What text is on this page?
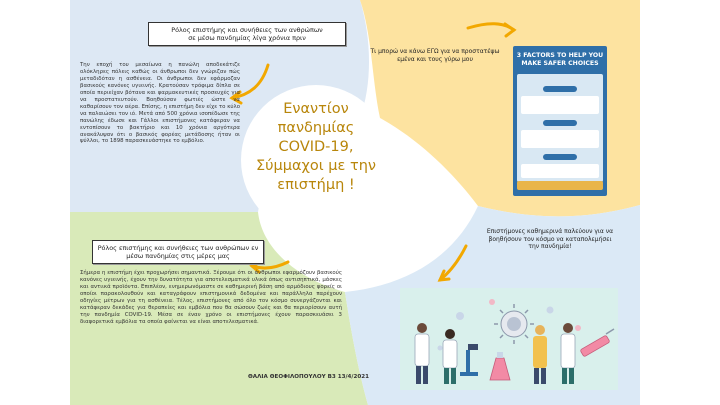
Ρόλος επιστήμης και συνήθειες των ανθρώπων
σε μέσω πανδημίας λίγα χρόνια πριν

Την εποχή του μεσαίωνα η πανώλη αποδεκάτιζε ολόκληρες πόλεις καθώς οι άνθρωποι δεν γνώριζαν πώς μεταδιδόταν η ασθένεια. Οι άνθρωποι δεν εφάρμοζαν βασικούς κανόνες υγιεινής. Κρατούσαν τρόφιμα δίπλα σε οποία περιείχαν βότανα και φαρμακευτικές προσευχές για να προστατευτούν. Βοηθούσαν φωτιές ώστε να καθαρίσουν τον αέρα. Επίσης, η επιστήμη δεν είχε το κύλο να παλαιώσει τον ιό. Μετά από 500 χρόνια ισοπέδωσε της πανώλης έδωσε και Γάλλοι επιστήμονες κατάφεραν να εντοπίσουν το βακτήριο και 10 χρόνια αργότερα ανακάλυψαν ότι ο βασικός φορέας μετάδοσης ήταν οι ψύλλοι, το 1898 παρασκευάστηκε το εμβόλιο.

Ρόλος επιστήμης και συνήθειες των ανθρώπων εν
μέσω πανδημίας στις μέρες μας

Σήμερα η επιστήμη έχει προχωρήσει σημαντικά. Ξέρουμε ότι οι άνθρωποι εφαρμόζουν βασικούς κανόνες υγιεινής, έχουν την δυνατότητα για αποτελεσματικά υλικά όπως αντισηπτικά, μάσκες και αντιικά προϊόντα. Επιπλέον, ενημερωνόμαστε σε καθημερινή βάση από αρμόδιους φορείς οι οποίοι παρακολουθούν και καταγράφουν επιστημονικά δεδομένα και παράλληλα παρέχουν οδηγίες μέτρων για τη ασθένεια. Τέλος, επιστήμονες από όλο τον κόσμο συνεργάζονται και κατάφεραν δεκάδες για θεραπείες και εμβόλια που θα σώσουν ζωές και θα περιορίσουν αυτή την πανδημία COVID-19. Μέσα σε έναν χρόνο οι επιστήμονες έχουν παρασκευάσει 3 διαφορετικά εμβόλια τα οποία φαίνεται να είναι αποτελεσματικά.

Εναντίον
πανδημίας
COVID-19,
Σύμμαχοι με την
επιστήμη !
Τι μπορώ να κάνω ΕΓΩ για να προστατέψω
εμένα και τους γύρω μου
3 FACTORS TO HELP YOU
MAKE SAFER CHOICES
Επιστήμονες καθημερινά παλεύουν για να
βοηθήσουν τον κόσμο να καταπολεμήσει
την πανδημία!

ΘΑΛΙΑ ΘΕΟΦΙΛΟΠΟΥΛΟΥ Β3 13/4/2021
